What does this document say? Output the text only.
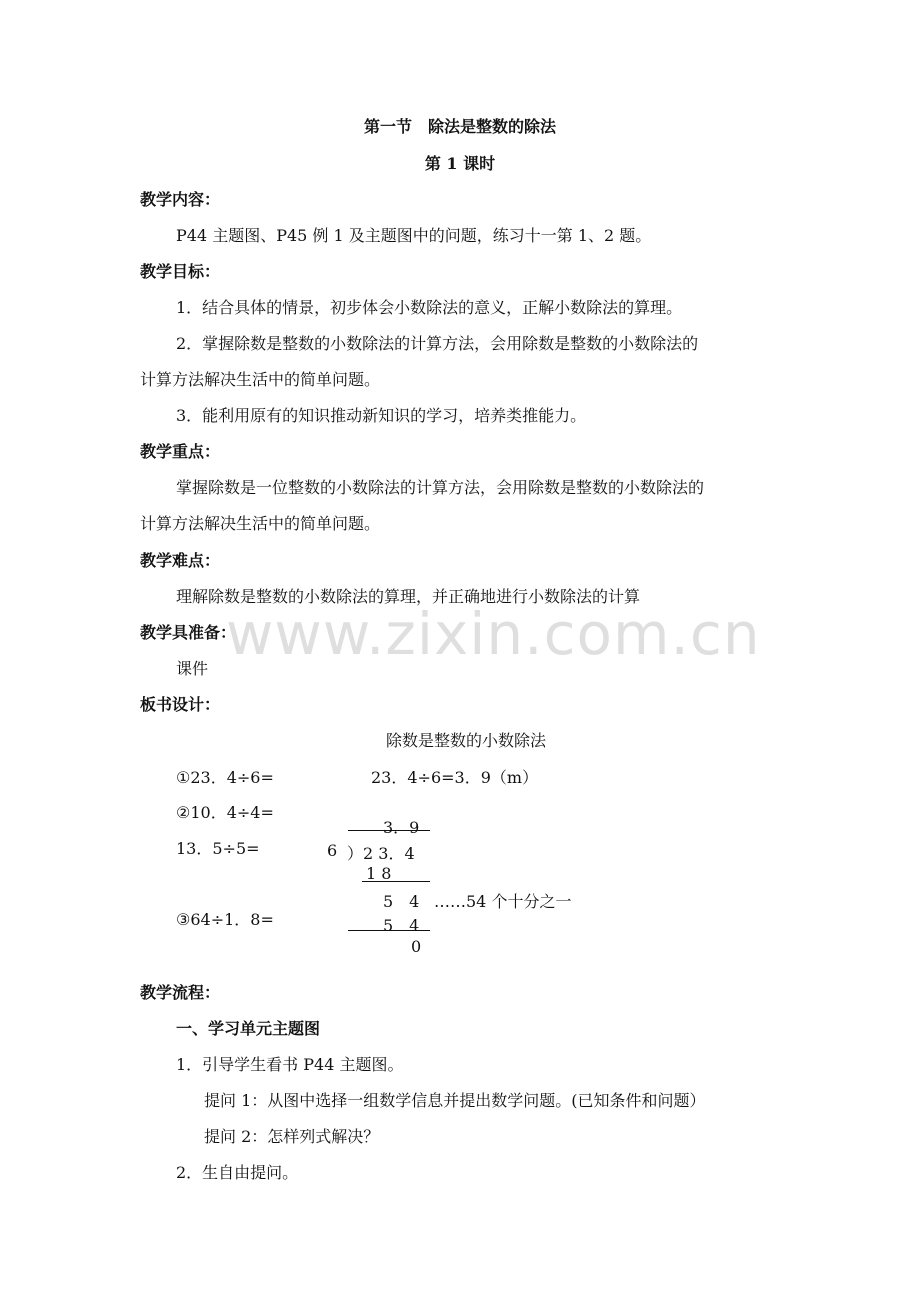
www.zixin.com.cn
第一节　除法是整数的除法
第 1 课时
教学内容：
P44 主题图、P45 例 1 及主题图中的问题，练习十一第 1、2 题。
教学目标：
1．结合具体的情景，初步体会小数除法的意义，正解小数除法的算理。
2．掌握除数是整数的小数除法的计算方法，会用除数是整数的小数除法的
计算方法解决生活中的简单问题。
3．能利用原有的知识推动新知识的学习，培养类推能力。
教学重点：
掌握除数是一位整数的小数除法的计算方法，会用除数是整数的小数除法的
计算方法解决生活中的简单问题。
教学难点：
理解除数是整数的小数除法的算理，并正确地进行小数除法的计算
教学具准备：
课件
板书设计：
除数是整数的小数除法
①23．4÷6=	23．4÷6=3．9（m）
②10．4÷4=
13．5÷5=
③64÷1．8=
3．9
6 ）2 3．4
1 8
5　4 ……54 个十分之一
5　4
0
教学流程：
一、学习单元主题图
1．引导学生看书 P44 主题图。
提问 1：从图中选择一组数学信息并提出数学问题。(已知条件和问题）
提问 2：怎样列式解决？
2．生自由提问。
